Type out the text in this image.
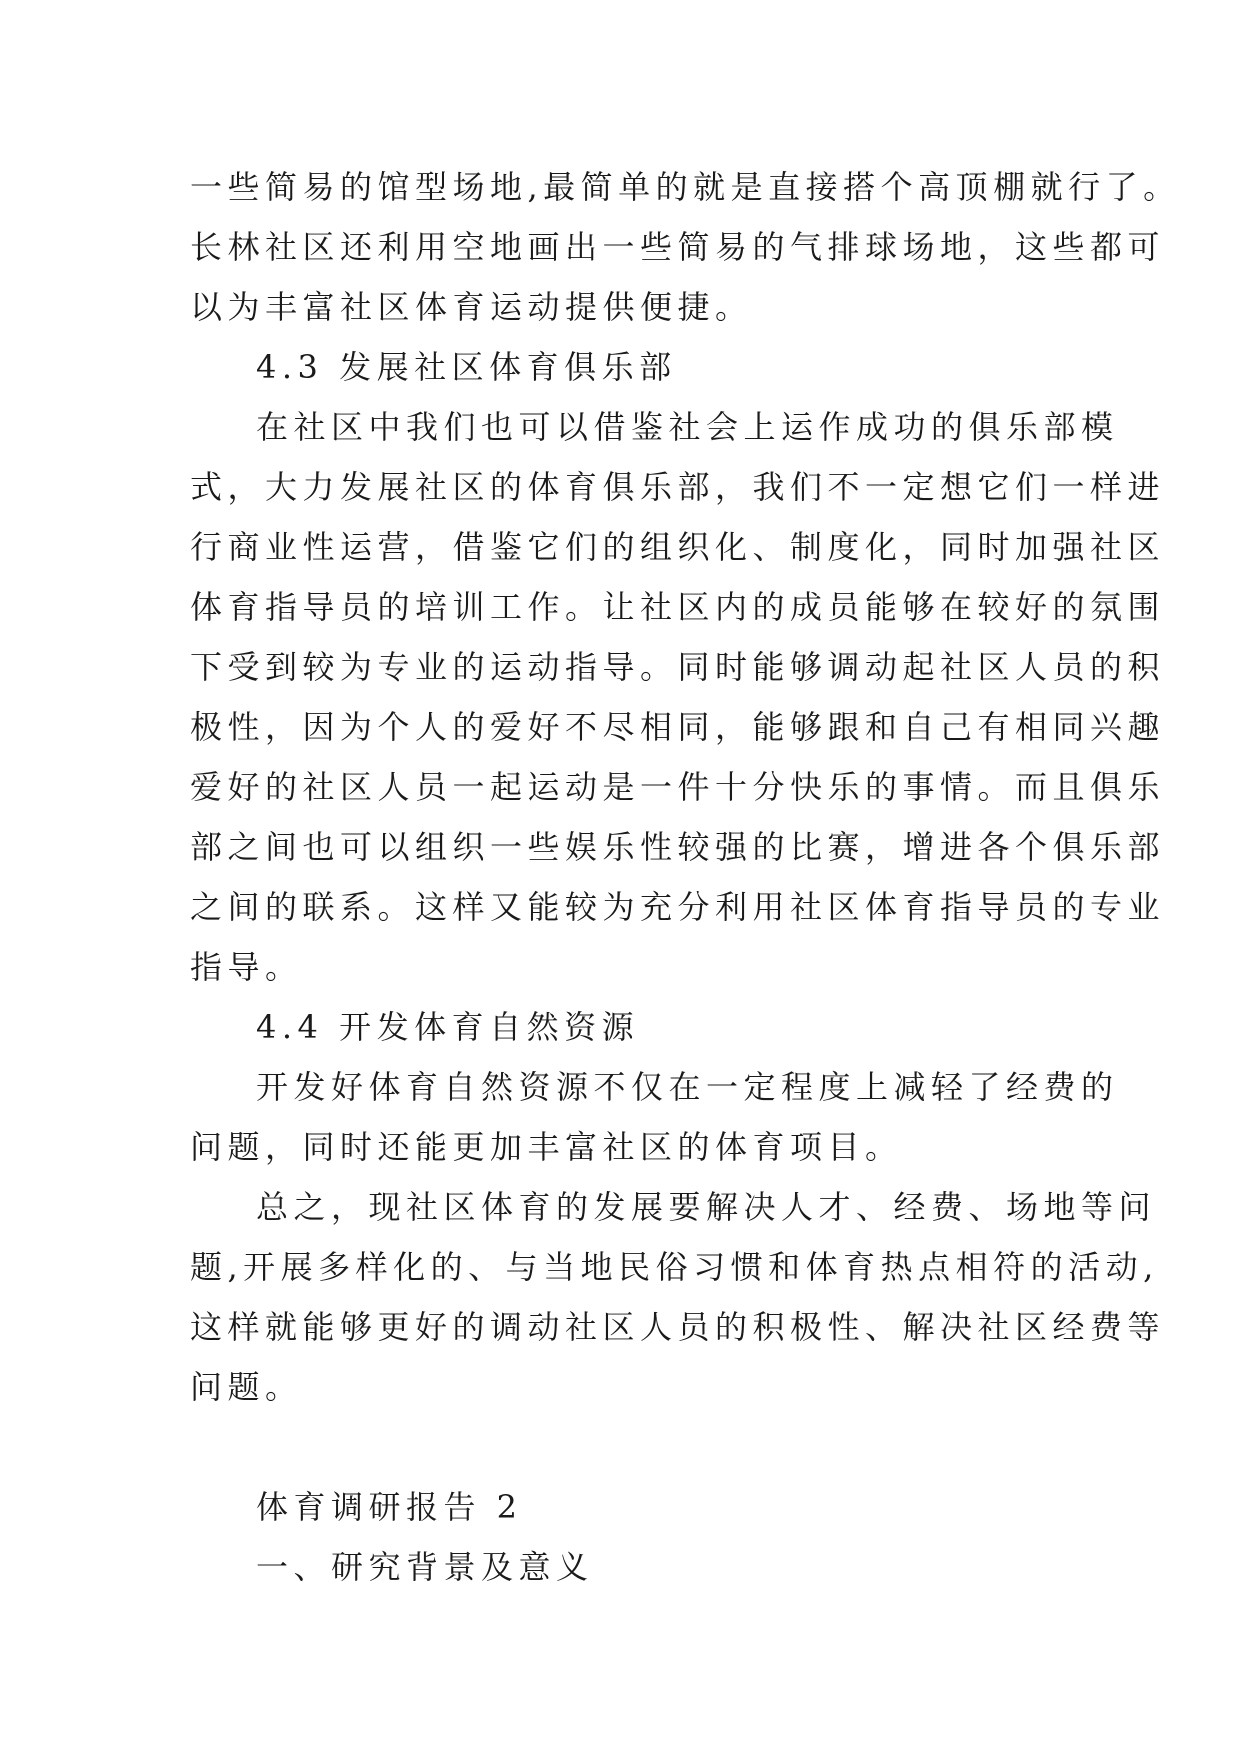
一些简易的馆型场地,最简单的就是直接搭个高顶棚就行了。
长林社区还利用空地画出一些简易的气排球场地，这些都可
以为丰富社区体育运动提供便捷。
4.3 发展社区体育俱乐部
在社区中我们也可以借鉴社会上运作成功的俱乐部模
式，大力发展社区的体育俱乐部，我们不一定想它们一样进
行商业性运营，借鉴它们的组织化、制度化，同时加强社区
体育指导员的培训工作。让社区内的成员能够在较好的氛围
下受到较为专业的运动指导。同时能够调动起社区人员的积
极性，因为个人的爱好不尽相同，能够跟和自己有相同兴趣
爱好的社区人员一起运动是一件十分快乐的事情。而且俱乐
部之间也可以组织一些娱乐性较强的比赛，增进各个俱乐部
之间的联系。这样又能较为充分利用社区体育指导员的专业
指导。
4.4 开发体育自然资源
开发好体育自然资源不仅在一定程度上减轻了经费的
问题，同时还能更加丰富社区的体育项目。
总之，现社区体育的发展要解决人才、经费、场地等问
题,开展多样化的、与当地民俗习惯和体育热点相符的活动,
这样就能够更好的调动社区人员的积极性、解决社区经费等
问题。
体育调研报告 2
一、研究背景及意义
